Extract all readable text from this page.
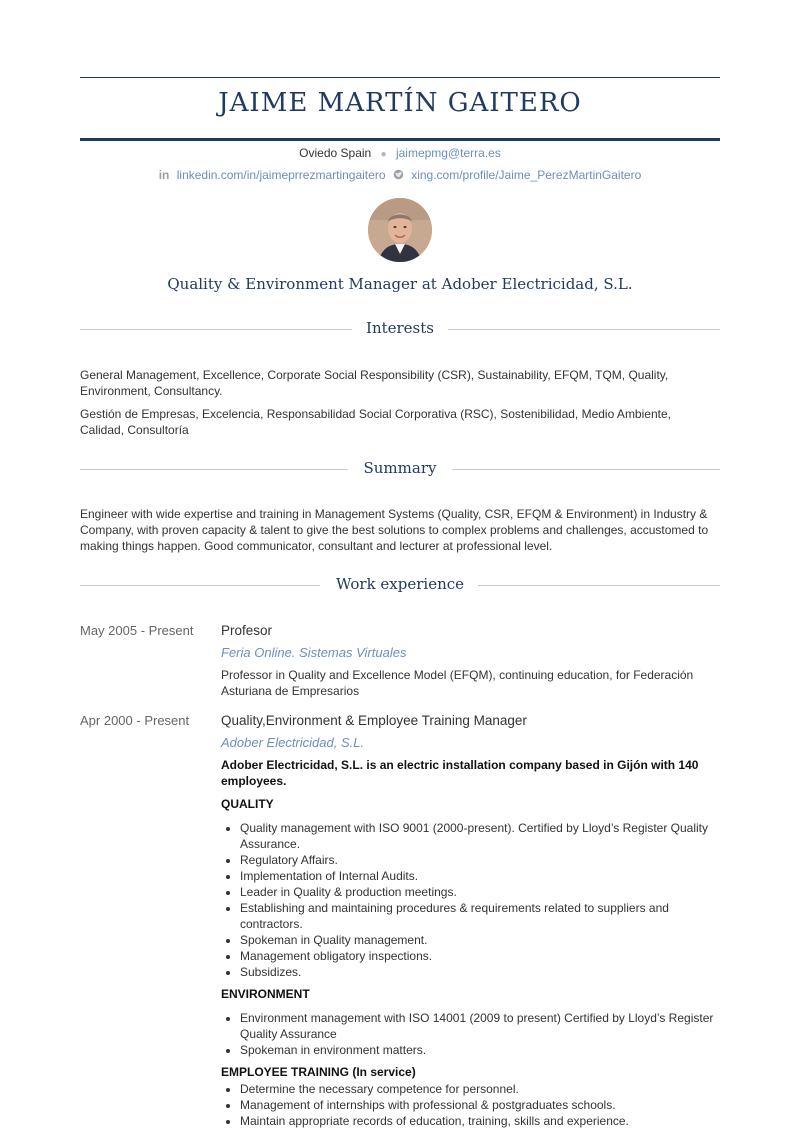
JAIME MARTÍN GAITERO
Oviedo Spain ● jaimepmg@terra.es
in linkedin.com/in/jaimeprrezmartingaitero xing.com/profile/Jaime_PerezMartinGaitero
Quality & Environment Manager at Adober Electricidad, S.L.
Interests

General Management, Excellence, Corporate Social Responsibility (CSR), Sustainability, EFQM, TQM, Quality, Environment, Consultancy.

Gestión de Empresas, Excelencia, Responsabilidad Social Corporativa (RSC), Sostenibilidad, Medio Ambiente, Calidad, Consultoría

Summary

Engineer with wide expertise and training in Management Systems (Quality, CSR, EFQM & Environment) in Industry & Company, with proven capacity & talent to give the best solutions to complex problems and challenges, accustomed to making things happen. Good communicator, consultant and lecturer at professional level.

Work experience
May 2005 - Present Profesor
Feria Online. Sistemas Virtuales

Professor in Quality and Excellence Model (EFQM), continuing education, for Federación Asturiana de Empresarios

Apr 2000 - Present Quality,Environment & Employee Training Manager
Adober Electricidad, S.L.

Adober Electricidad, S.L. is an electric installation company based in Gijón with 140 employees.

QUALITY
• Quality management with ISO 9001 (2000-present). Certified by Lloyd’s Register Quality Assurance.
• Regulatory Affairs.
• Implementation of Internal Audits.
• Leader in Quality & production meetings.
• Establishing and maintaining procedures & requirements related to suppliers and contractors.
• Spokeman in Quality management.
• Management obligatory inspections.
• Subsidizes.
ENVIRONMENT
• Environment management with ISO 14001 (2009 to present) Certified by Lloyd’s Register Quality Assurance
• Spokeman in environment matters.
EMPLOYEE TRAINING (In service)
• Determine the necessary competence for personnel.
• Management of internships with professional & postgraduates schools.
• Maintain appropriate records of education, training, skills and experience.
